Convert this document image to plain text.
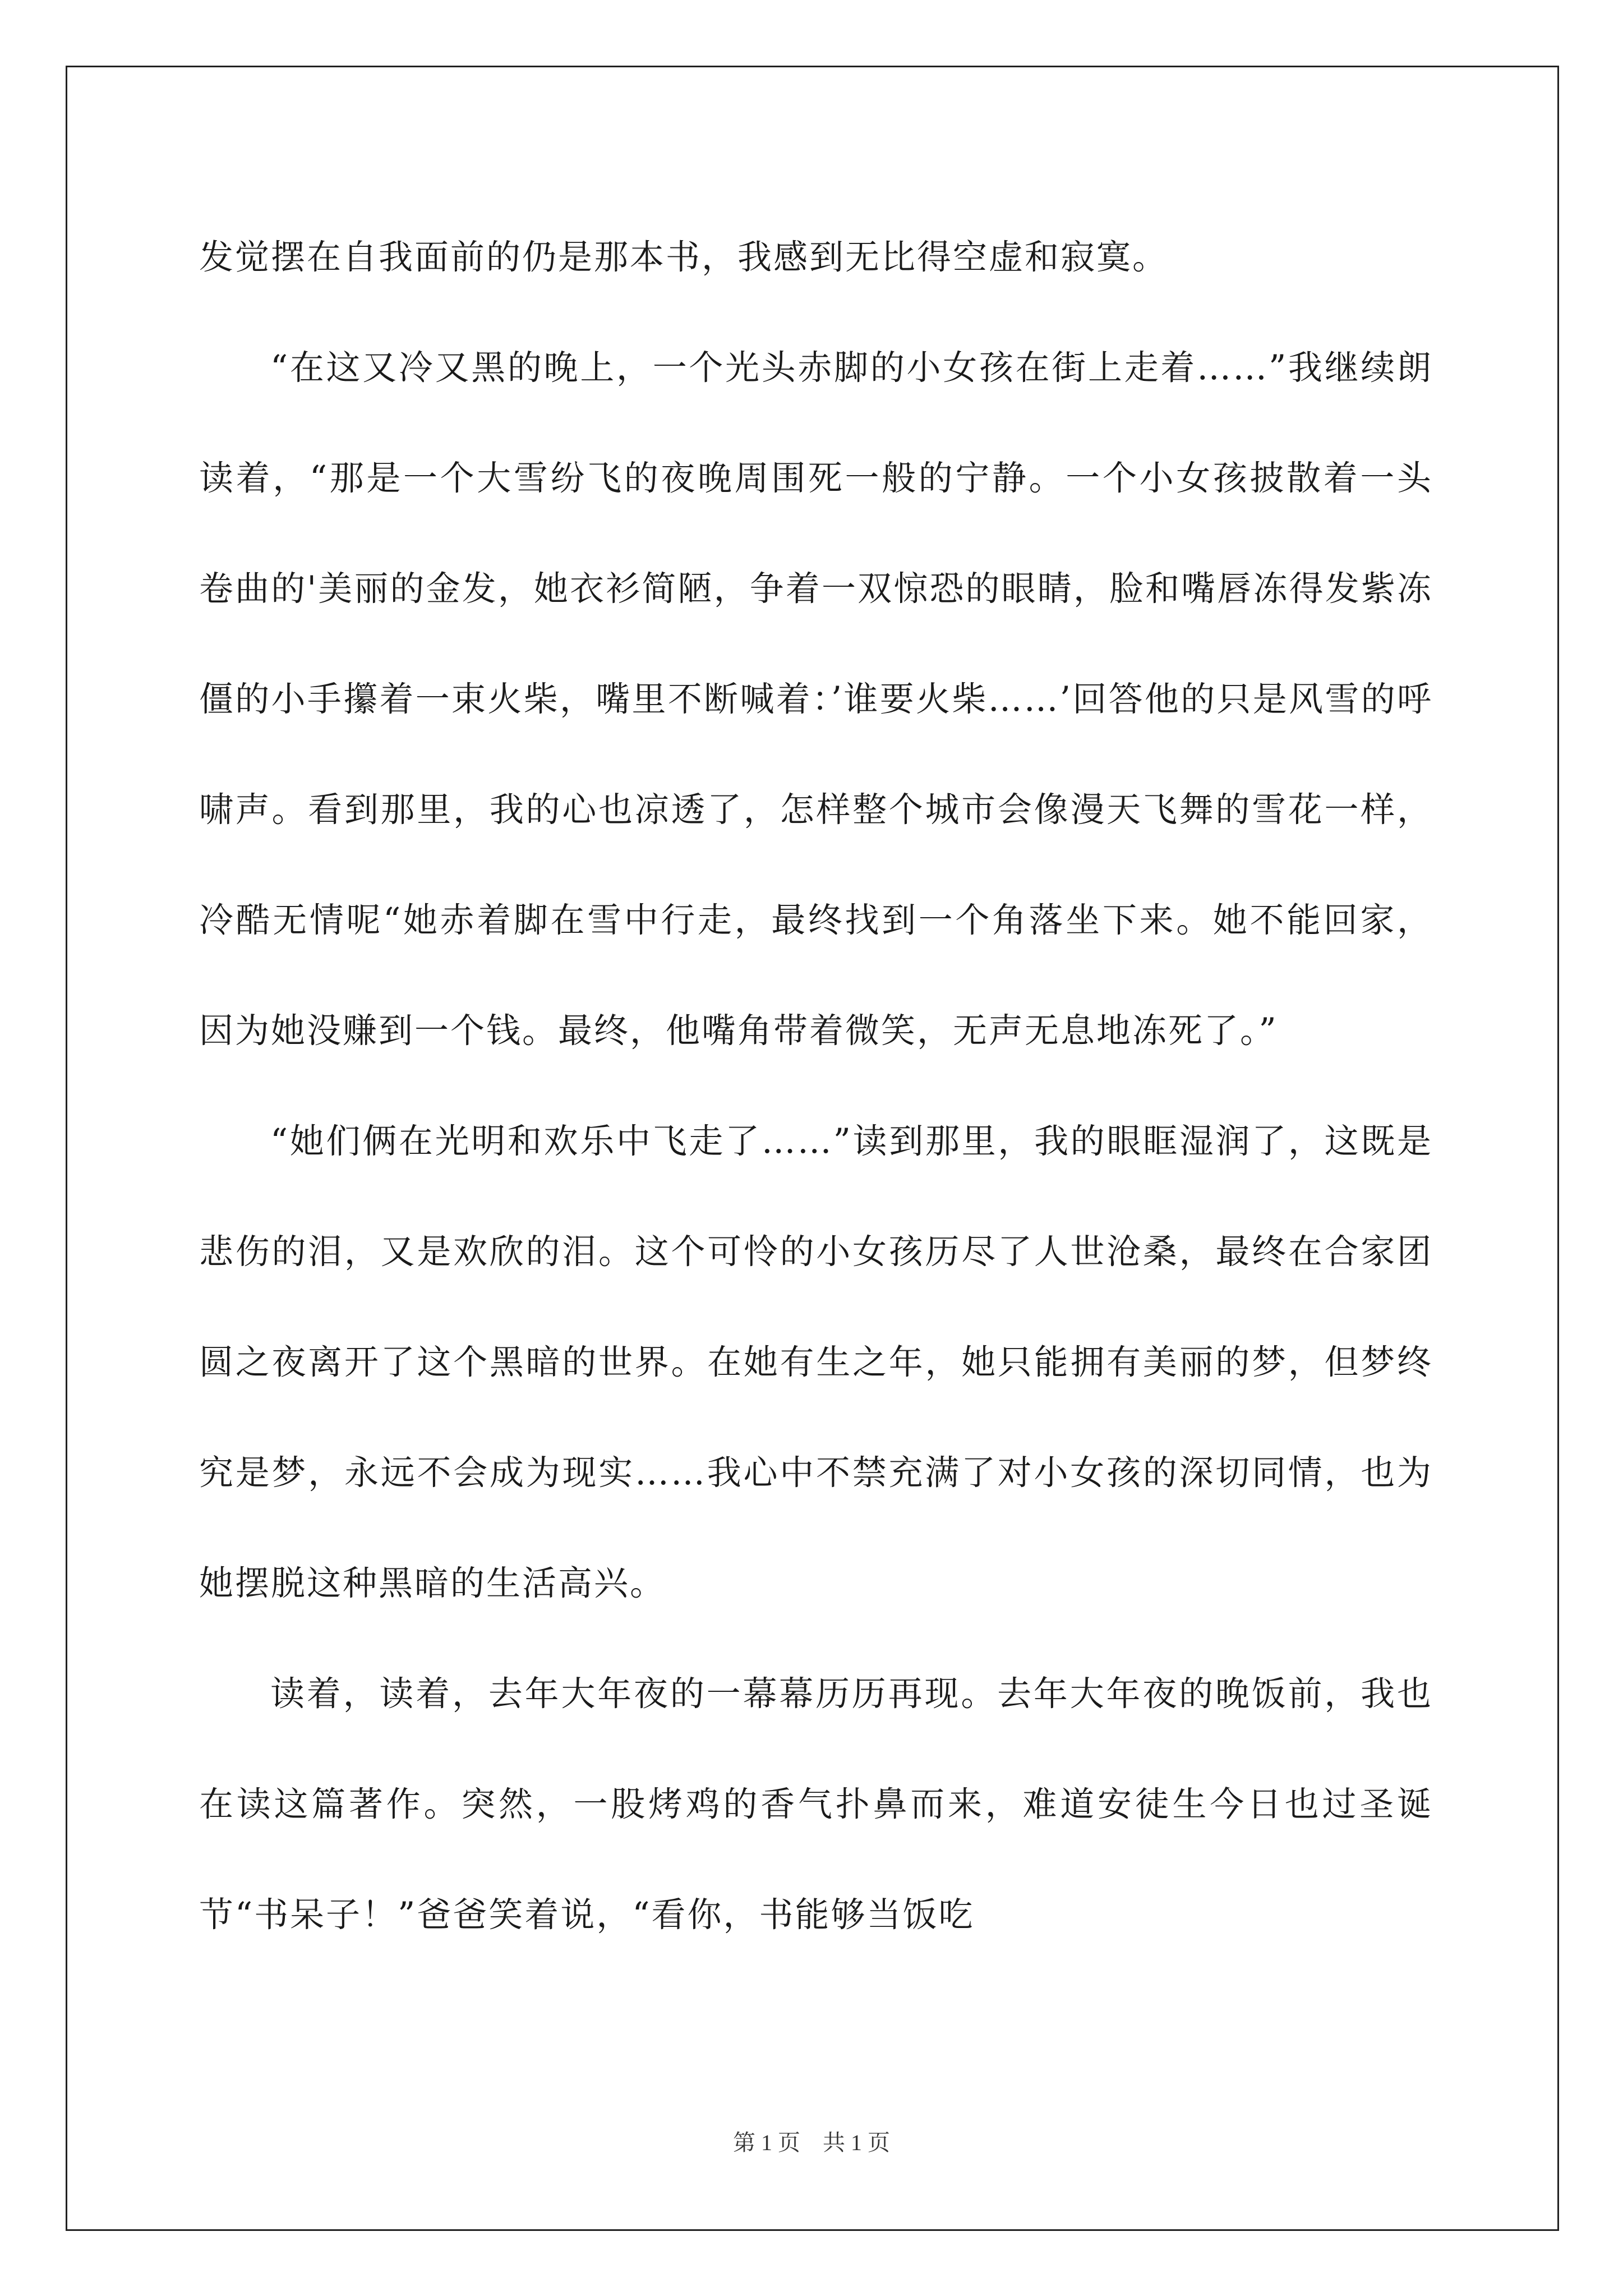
发觉摆在自我面前的仍是那本书，我感到无比得空虚和寂寞。

“在这又冷又黑的晚上，一个光头赤脚的小女孩在街上走着……”我继续朗读着，“那是一个大雪纷飞的夜晚周围死一般的宁静。一个小女孩披散着一头卷曲的'美丽的金发，她衣衫简陋，争着一双惊恐的眼睛，脸和嘴唇冻得发紫冻僵的小手攥着一束火柴，嘴里不断喊着：’谁要火柴……’回答他的只是风雪的呼啸声。看到那里，我的心也凉透了，怎样整个城市会像漫天飞舞的雪花一样，冷酷无情呢“她赤着脚在雪中行走，最终找到一个角落坐下来。她不能回家，因为她没赚到一个钱。最终，他嘴角带着微笑，无声无息地冻死了。”

“她们俩在光明和欢乐中飞走了……”读到那里，我的眼眶湿润了，这既是悲伤的泪，又是欢欣的泪。这个可怜的小女孩历尽了人世沧桑，最终在合家团圆之夜离开了这个黑暗的世界。在她有生之年，她只能拥有美丽的梦，但梦终究是梦，永远不会成为现实……我心中不禁充满了对小女孩的深切同情，也为她摆脱这种黑暗的生活高兴。

读着，读着，去年大年夜的一幕幕历历再现。去年大年夜的晚饭前，我也在读这篇著作。突然，一股烤鸡的香气扑鼻而来，难道安徒生今日也过圣诞节“书呆子！”爸爸笑着说，“看你，书能够当饭吃

第 1 页　共 1 页
